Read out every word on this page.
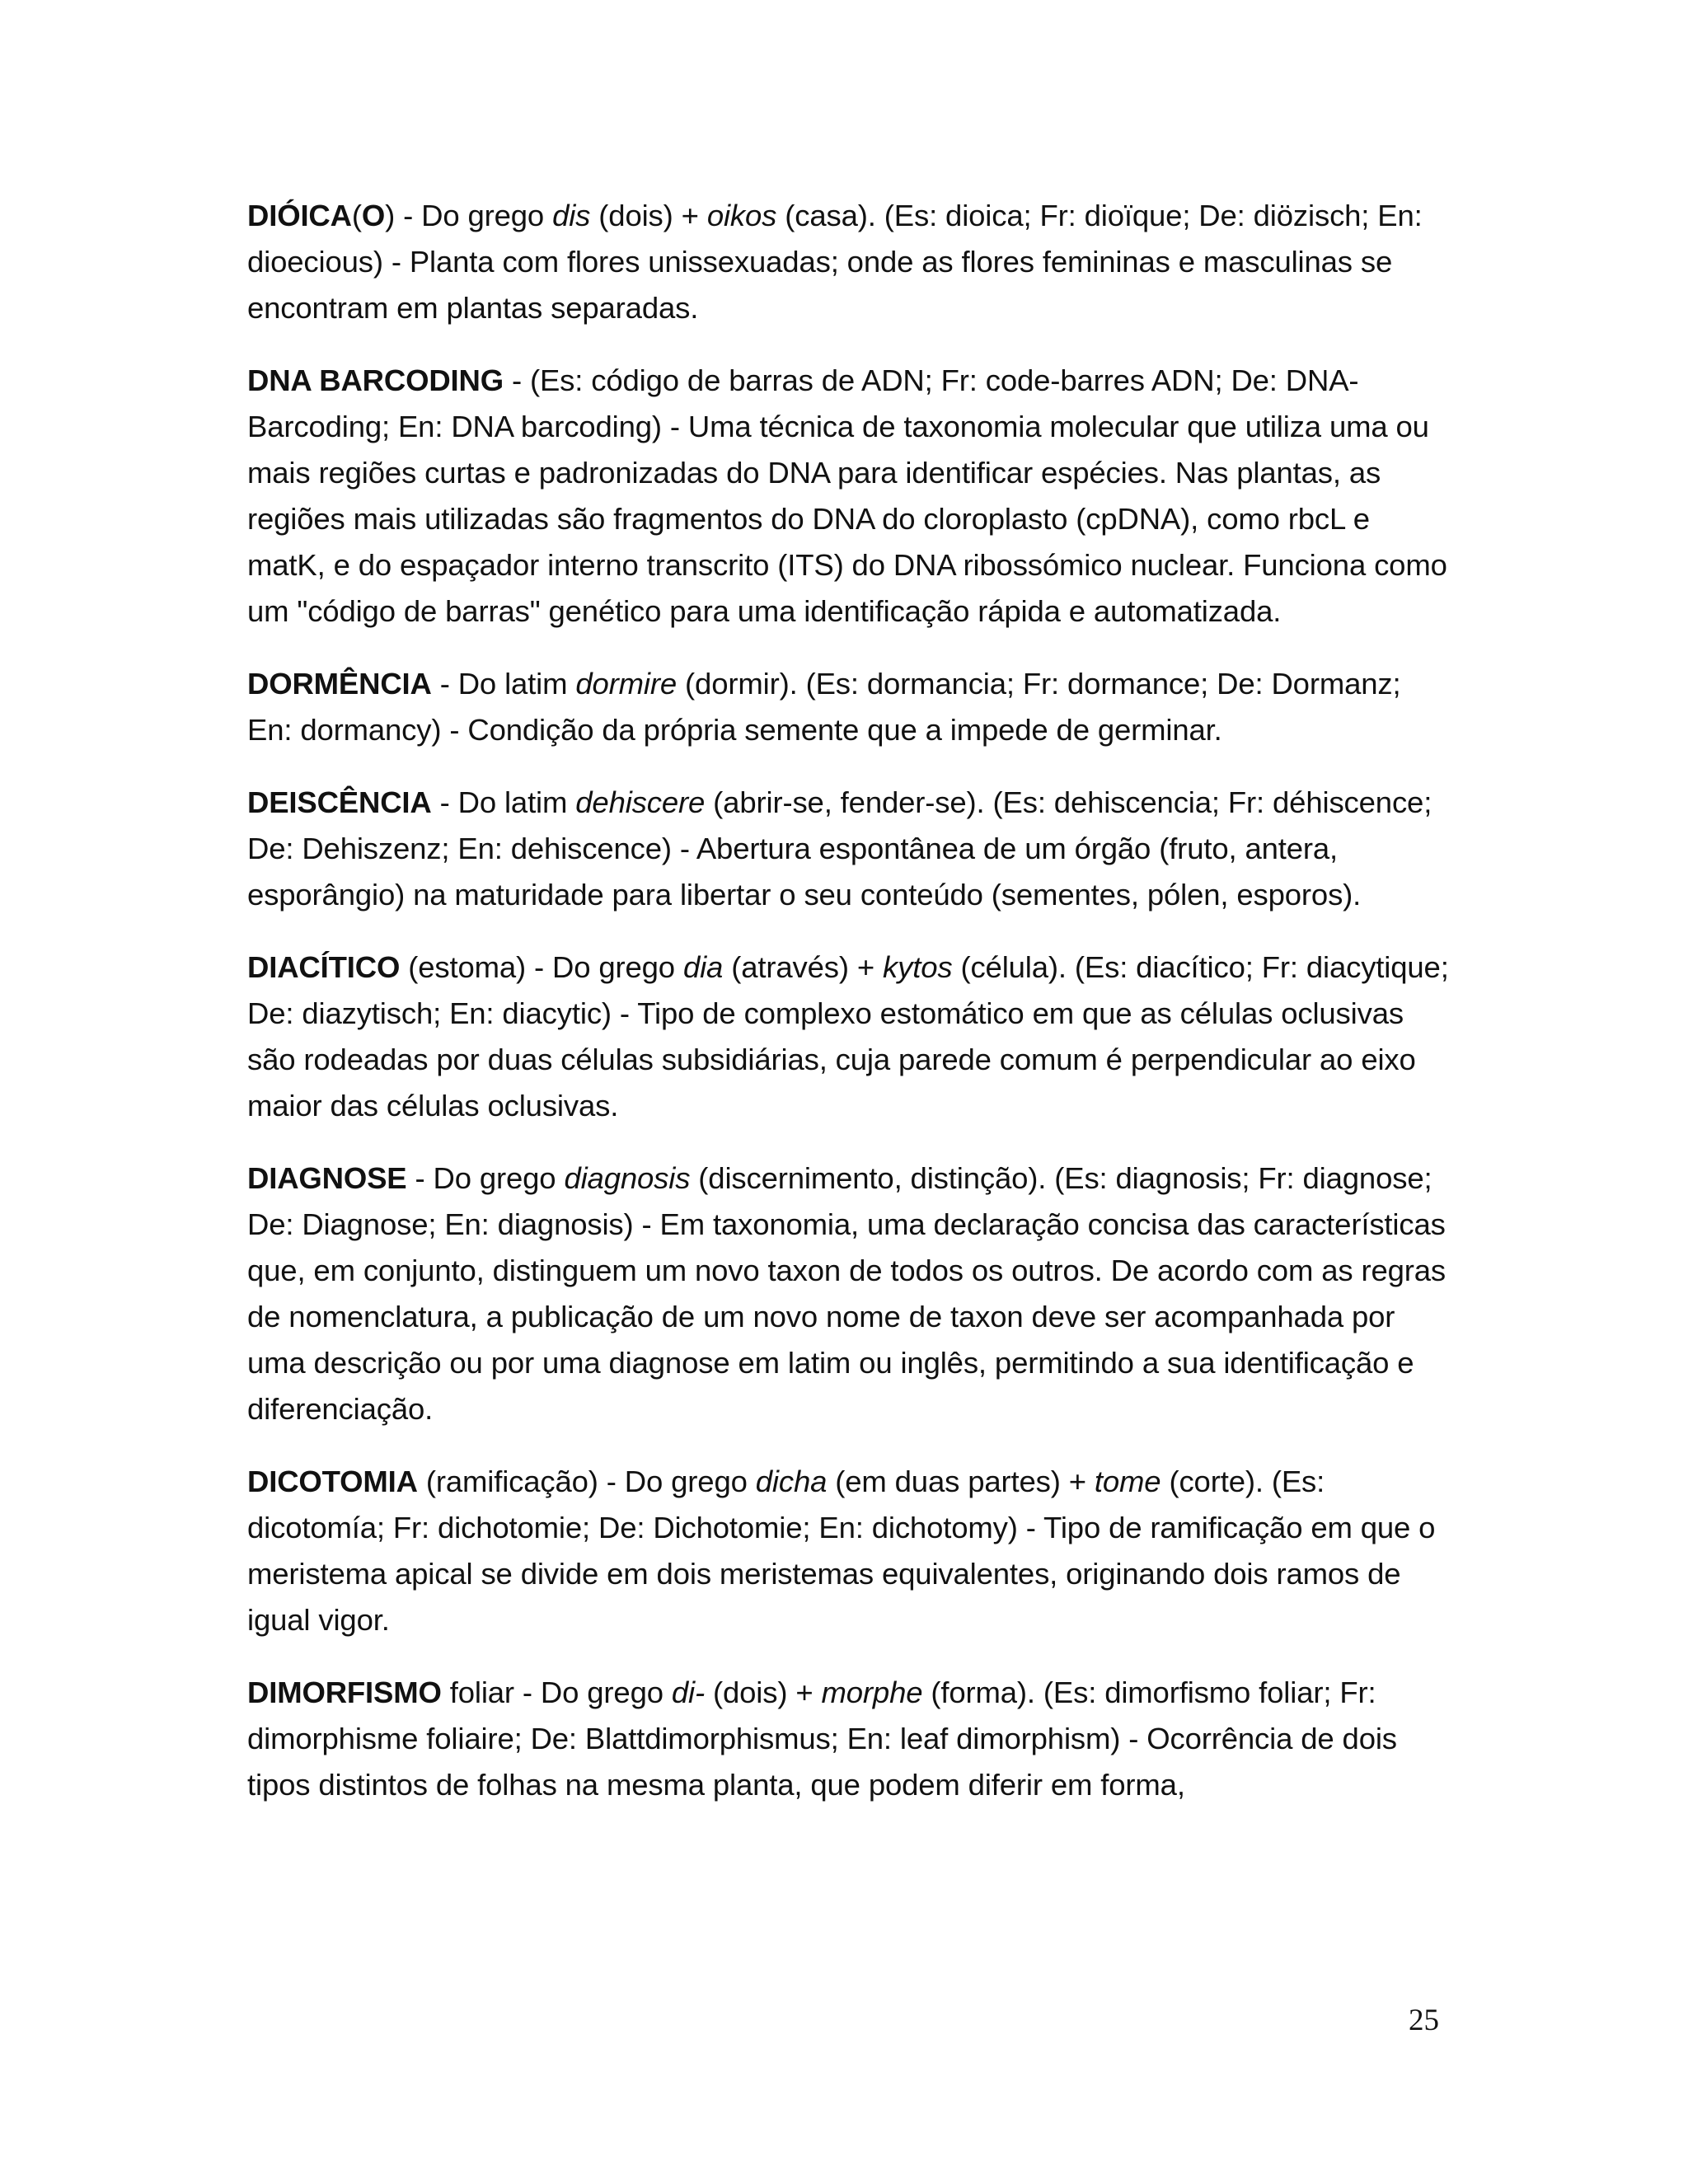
DIÓICA(O) - Do grego dis (dois) + oikos (casa). (Es: dioica; Fr: dioïque; De: diözisch; En: dioecious) - Planta com flores unissexuadas; onde as flores femininas e masculinas se encontram em plantas separadas.

DNA BARCODING - (Es: código de barras de ADN; Fr: code-barres ADN; De: DNA-Barcoding; En: DNA barcoding) - Uma técnica de taxonomia molecular que utiliza uma ou mais regiões curtas e padronizadas do DNA para identificar espécies. Nas plantas, as regiões mais utilizadas são fragmentos do DNA do cloroplasto (cpDNA), como rbcL e matK, e do espaçador interno transcrito (ITS) do DNA ribossómico nuclear. Funciona como um "código de barras" genético para uma identificação rápida e automatizada.

DORMÊNCIA - Do latim dormire (dormir). (Es: dormancia; Fr: dormance; De: Dormanz; En: dormancy) - Condição da própria semente que a impede de germinar.

DEISCÊNCIA - Do latim dehiscere (abrir-se, fender-se). (Es: dehiscencia; Fr: déhiscence; De: Dehiszenz; En: dehiscence) - Abertura espontânea de um órgão (fruto, antera, esporângio) na maturidade para libertar o seu conteúdo (sementes, pólen, esporos).

DIACÍTICO (estoma) - Do grego dia (através) + kytos (célula). (Es: diacítico; Fr: diacytique; De: diazytisch; En: diacytic) - Tipo de complexo estomático em que as células oclusivas são rodeadas por duas células subsidiárias, cuja parede comum é perpendicular ao eixo maior das células oclusivas.

DIAGNOSE - Do grego diagnosis (discernimento, distinção). (Es: diagnosis; Fr: diagnose; De: Diagnose; En: diagnosis) - Em taxonomia, uma declaração concisa das características que, em conjunto, distinguem um novo taxon de todos os outros. De acordo com as regras de nomenclatura, a publicação de um novo nome de taxon deve ser acompanhada por uma descrição ou por uma diagnose em latim ou inglês, permitindo a sua identificação e diferenciação.

DICOTOMIA (ramificação) - Do grego dicha (em duas partes) + tome (corte). (Es: dicotomía; Fr: dichotomie; De: Dichotomie; En: dichotomy) - Tipo de ramificação em que o meristema apical se divide em dois meristemas equivalentes, originando dois ramos de igual vigor.

DIMORFISMO foliar - Do grego di- (dois) + morphe (forma). (Es: dimorfismo foliar; Fr: dimorphisme foliaire; De: Blattdimorphismus; En: leaf dimorphism) - Ocorrência de dois tipos distintos de folhas na mesma planta, que podem diferir em forma,

25
